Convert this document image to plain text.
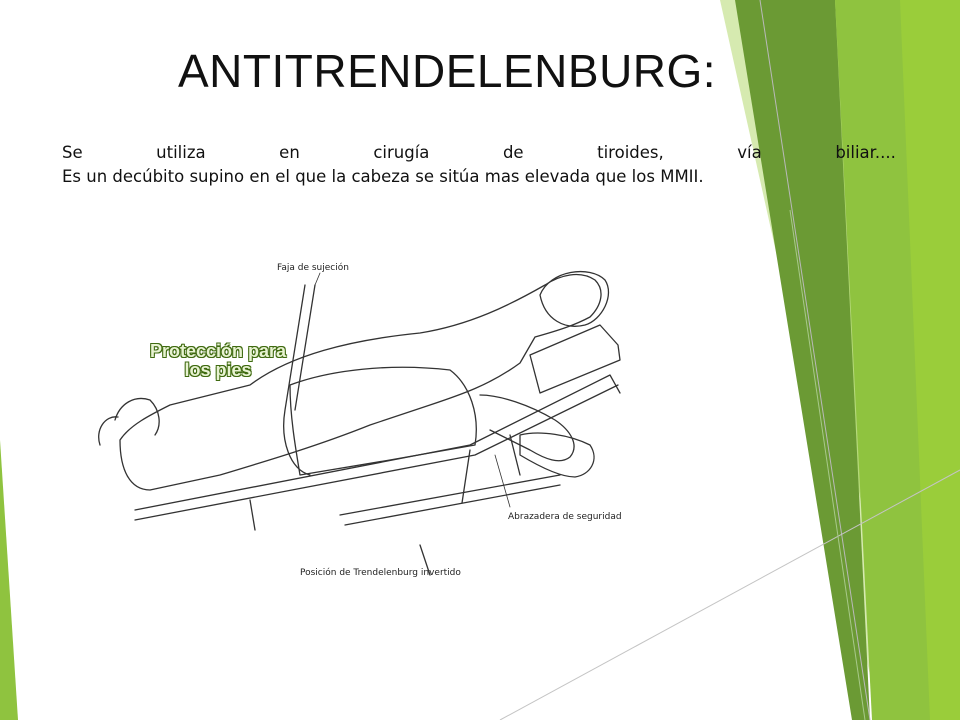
ANTITRENDELENBURG:
Se	utiliza	en	cirugía	de	tiroides,	vía	biliar....
Es un decúbito supino en el que la cabeza se sitúa mas elevada que los MMII.
Faja de sujeción
Abrazadera de seguridad
Posición de Trendelenburg invertido
Protección para
los pies
